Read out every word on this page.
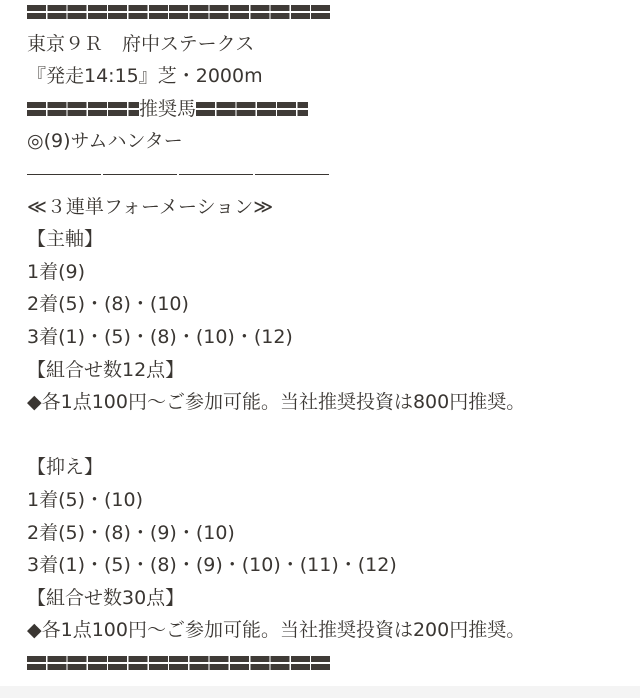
東京９Ｒ　府中ステークス
『発走14:15』芝・2000m
推奨馬
◎(9)サムハンター
≪３連単フォーメーション≫
【主軸】
1着(9)
2着(5)・(8)・(10)
3着(1)・(5)・(8)・(10)・(12)
【組合せ数12点】
◆各1点100円～ご参加可能。当社推奨投資は800円推奨。
【抑え】
1着(5)・(10)
2着(5)・(8)・(9)・(10)
3着(1)・(5)・(8)・(9)・(10)・(11)・(12)
【組合せ数30点】
◆各1点100円～ご参加可能。当社推奨投資は200円推奨。
